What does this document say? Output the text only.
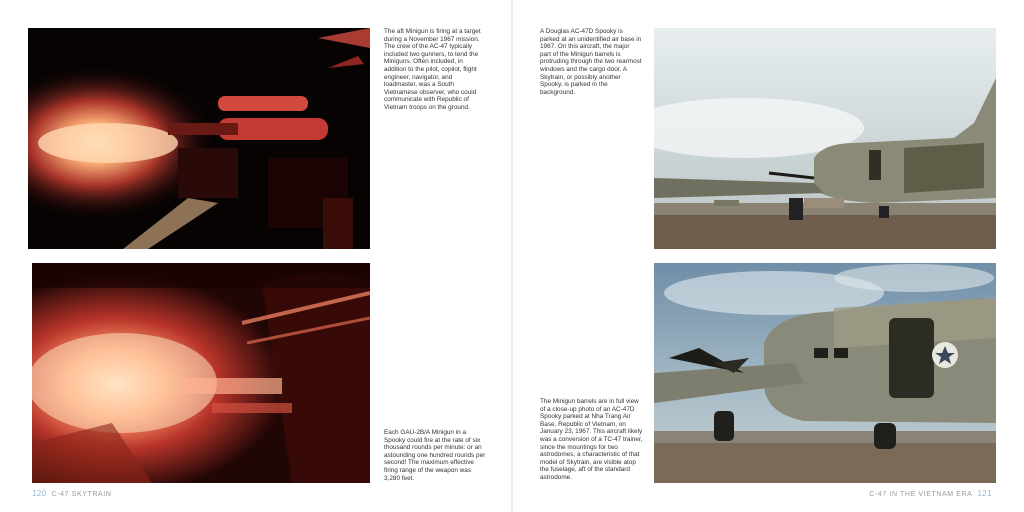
The aft Minigun is firing at a target during a November 1967 mission. The crew of the AC-47 typically included two gunners, to tend the Miniguns. Often included, in addition to the pilot, copilot, flight engineer, navigator, and loadmaster, was a South Vietnamese observer, who could communicate with Republic of Vietnam troops on the ground.
A Douglas AC-47D Spooky is parked at an unidentified air base in 1967. On this aircraft, the major part of the Minigun barrels is protruding through the two rearmost windows and the cargo door. A Skytrain, or possibly another Spooky, is parked in the background.
Each GAU-2B/A Minigun in a Spooky could fire at the rate of six thousand rounds per minute: or an astounding one hundred rounds per second! The maximum effective firing range of the weapon was 3,280 feet.
The Minigun barrels are in full view of a close-up photo of an AC-47D Spooky parked at Nha Trang Air Base, Republic of Vietnam, on January 23, 1967. This aircraft likely was a conversion of a TC-47 trainer, since the mountings for two astrodomes, a characteristic of that model of Skytrain, are visible atop the fuselage, aft of the standard astrodome.
120 C-47 SKYTRAIN	C-47 IN THE VIETNAM ERA 121
